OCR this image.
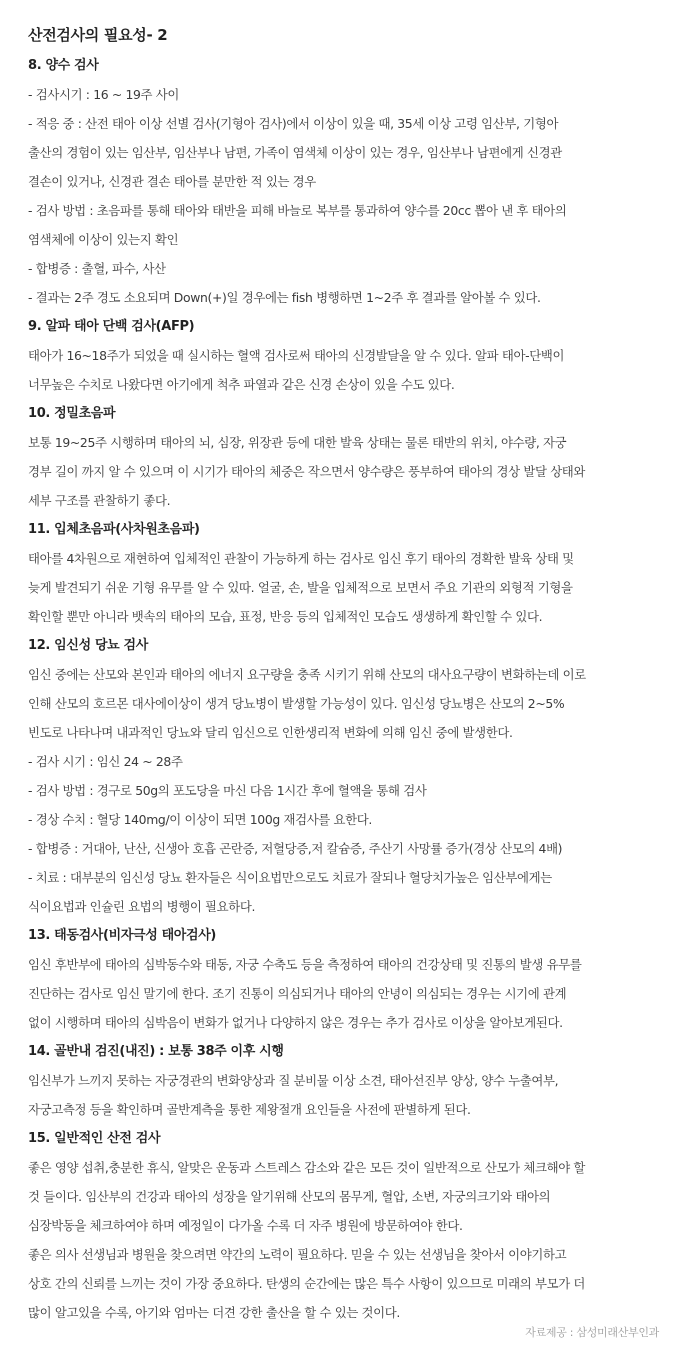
산전검사의 필요성- 2
8. 양수 검사
- 검사시기 : 16 ~ 19주 사이
- 적응 중 : 산전 태아 이상 선별 검사(기형아 검사)에서 이상이 있을 때, 35세 이상 고령 임산부, 기형아
출산의 경험이 있는 임산부, 임산부나 남편, 가족이 염색체 이상이 있는 경우, 임산부나 남편에게 신경관
결손이 있거나, 신경관 결손 태아를 분만한 적 있는 경우
- 검사 방법 : 초음파를 통해 태아와 태반을 피해 바늘로 복부를 통과하여 양수를 20cc 뽑아 낸 후 태아의
염색체에 이상이 있는지 확인
- 합병증 : 출혈, 파수, 사산
- 결과는 2주 경도 소요되며 Down(+)일 경우에는 fish 병행하면 1~2주 후 결과를 알아볼 수 있다.
9. 알파 태아 단백 검사(AFP)
태아가 16~18주가 되었을 때 실시하는 혈액 검사로써 태아의 신경발달을 알 수 있다. 알파 태아-단백이
너무높은 수치로 나왔다면 아기에게 척추 파열과 같은 신경 손상이 있을 수도 있다.
10. 정밀초음파
보통 19~25주 시행하며 태아의 뇌, 심장, 위장관 등에 대한 발육 상태는 물론 태반의 위치, 야수량, 자궁
경부 길이 까지 알 수 있으며 이 시기가 태아의 체중은 작으면서 양수량은 풍부하여 태아의 경상 발달 상태와
세부 구조를 관찰하기 좋다.
11. 입체초음파(사차원초음파)
태아를 4차원으로 재현하여 입체적인 관찰이 가능하게 하는 검사로 임신 후기 태아의 경확한 발육 상태 및
늦게 발견되기 쉬운 기형 유무를 알 수 있따. 얼굴, 손, 발을 입체적으로 보면서 주요 기관의 외형적 기형을
확인할 뿐만 아니라 뱃속의 태아의 모습, 표정, 반응 등의 입체적인 모습도 생생하게 확인할 수 있다.
12. 임신성 당뇨 검사
임신 중에는 산모와 본인과 태아의 에너지 요구량을 충족 시키기 위해 산모의 대사요구량이 변화하는데 이로
인해 산모의 호르몬 대사에이상이 생겨 당뇨병이 발생할 가능성이 있다. 임신성 당뇨병은 산모의 2~5%
빈도로 나타나며 내과적인 당뇨와 달리 임신으로 인한생리적 변화에 의해 임신 중에 발생한다.
- 검사 시기 : 임신 24 ~ 28주
- 검사 방법 : 경구로 50g의 포도당을 마신 다음 1시간 후에 혈액을 통해 검사
- 경상 수치 : 혈당 140mg/이 이상이 되면 100g 재검사를 요한다.
- 합병증 : 거대아, 난산, 신생아 호흡 곤란증, 저혈당증,저 칼슘증, 주산기 사망률 증가(경상 산모의 4배)
- 치료 : 대부분의 임신성 당뇨 환자들은 식이요법만으로도 치료가 잘되나 혈당치가높은 임산부에게는
식이요법과 인슐린 요법의 병행이 필요하다.
13. 태동검사(비자극성 태아검사)
임신 후반부에 태아의 심박동수와 태동, 자궁 수축도 등을 측정하여 태아의 건강상태 및 진통의 발생 유무를
진단하는 검사로 임신 말기에 한다. 조기 진통이 의심되거나 태아의 안녕이 의심되는 경우는 시기에 관계
없이 시행하며 태아의 심박음이 변화가 없거나 다양하지 않은 경우는 추가 검사로 이상을 알아보게된다.
14. 골반내 검진(내진) : 보통 38주 이후 시행
임신부가 느끼지 못하는 자궁경관의 변화양상과 질 분비물 이상 소견, 태아선진부 양상, 양수 누출여부,
자궁고측정 등을 확인하며 골반계측을 통한 제왕절개 요인들을 사전에 판별하게 된다.
15. 일반적인 산전 검사
좋은 영양 섭취,충분한 휴식, 알맞은 운동과 스트레스 감소와 같은 모든 것이 일반적으로 산모가 체크해야 할
것 들이다. 임산부의 건강과 태아의 성장을 알기위해 산모의 몸무게, 혈압, 소변, 자궁의크기와 태아의
심장박동을 체크하여야 하며 예정일이 다가올 수록 더 자주 병원에 방문하여야 한다.
좋은 의사 선생님과 병원을 찾으려면 약간의 노력이 필요하다. 믿을 수 있는 선생님을 찾아서 이야기하고
상호 간의 신뢰를 느끼는 것이 가장 중요하다. 탄생의 순간에는 많은 특수 사항이 있으므로 미래의 부모가 더
많이 알고있을 수록, 아기와 엄마는 더견 강한 출산을 할 수 있는 것이다.
자료제공 : 삼성미래산부인과
